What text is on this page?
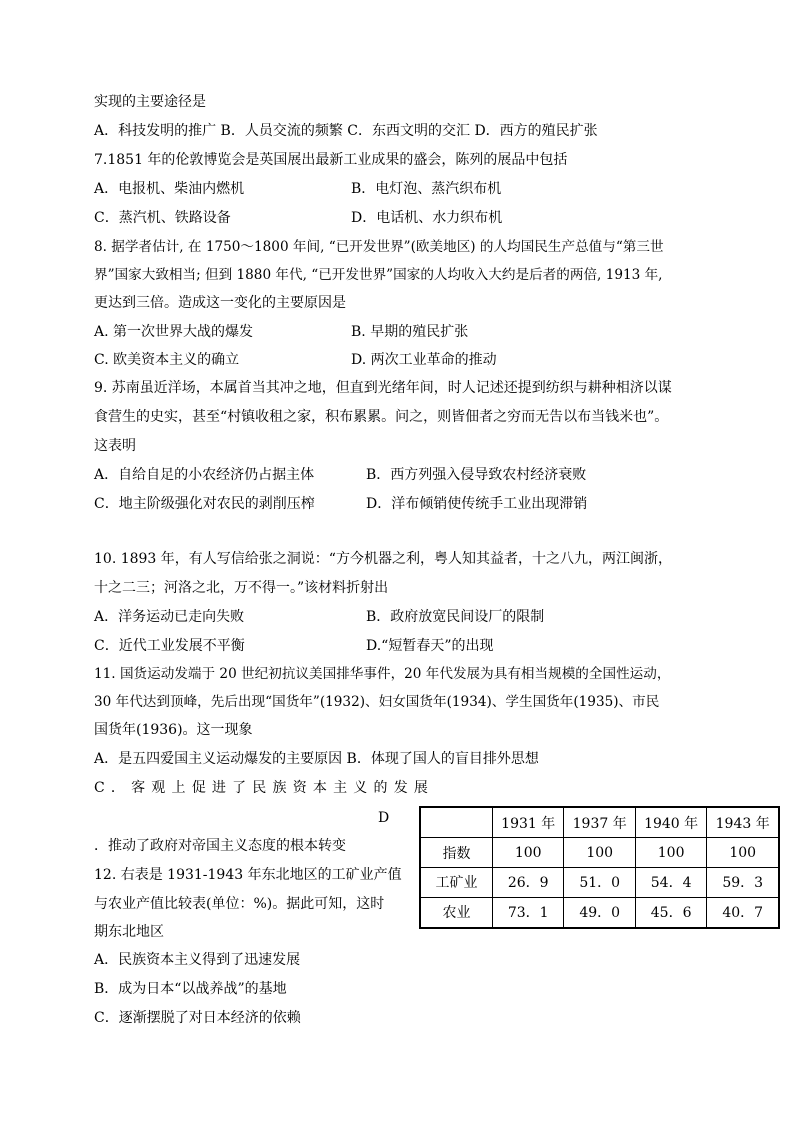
实现的主要途径是
A．科技发明的推广 B．人员交流的频繁 C．东西文明的交汇 D．西方的殖民扩张
7.1851 年的伦敦博览会是英国展出最新工业成果的盛会，陈列的展品中包括
A．电报机、柴油内燃机	B．电灯泡、蒸汽织布机
C．蒸汽机、铁路设备	D．电话机、水力织布机
8. 据学者估计, 在 1750～1800 年间, “已开发世界”(欧美地区) 的人均国民生产总值与“第三世
界”国家大致相当; 但到 1880 年代, “已开发世界”国家的人均收入大约是后者的两倍, 1913 年,
更达到三倍。造成这一变化的主要原因是
A. 第一次世界大战的爆发	B. 早期的殖民扩张
C. 欧美资本主义的确立	D. 两次工业革命的推动
9. 苏南虽近洋场，本属首当其冲之地，但直到光绪年间，时人记述还提到纺织与耕种相济以谋
食营生的史实，甚至“村镇收租之家，积布累累。问之，则皆佃者之穷而无告以布当钱米也”。
这表明
A．自给自足的小农经济仍占据主体	B．西方列强入侵导致农村经济衰败
C．地主阶级强化对农民的剥削压榨	D．洋布倾销使传统手工业出现滞销
10. 1893 年，有人写信给张之洞说：“方今机器之利，粤人知其益者，十之八九，两江闽浙，
十之二三；河洛之北，万不得一。”该材料折射出
A．洋务运动已走向失败	B．政府放宽民间设厂的限制
C．近代工业发展不平衡	D.“短暂春天”的出现
11. 国货运动发端于 20 世纪初抗议美国排华事件，20 年代发展为具有相当规模的全国性运动，
30 年代达到顶峰，先后出现“国货年”(1932)、妇女国货年(1934)、学生国货年(1935)、市民
国货年(1936)。这一现象
A．是五四爱国主义运动爆发的主要原因 B．体现了国人的盲目排外思想
C．客观上促进了民族资本主义的发展
D
．推动了政府对帝国主义态度的根本转变
12. 右表是 1931-1943 年东北地区的工矿业产值
与农业产值比较表(单位：%)。据此可知，这时
期东北地区
A．民族资本主义得到了迅速发展
B．成为日本“以战养战”的基地
C．逐渐摆脱了对日本经济的依赖
	1931 年	1937 年	1940 年	1943 年
指数	100	100	100	100
工矿业	26．9	51．0	54．4	59．3
农业	73．1	49．0	45．6	40．7
